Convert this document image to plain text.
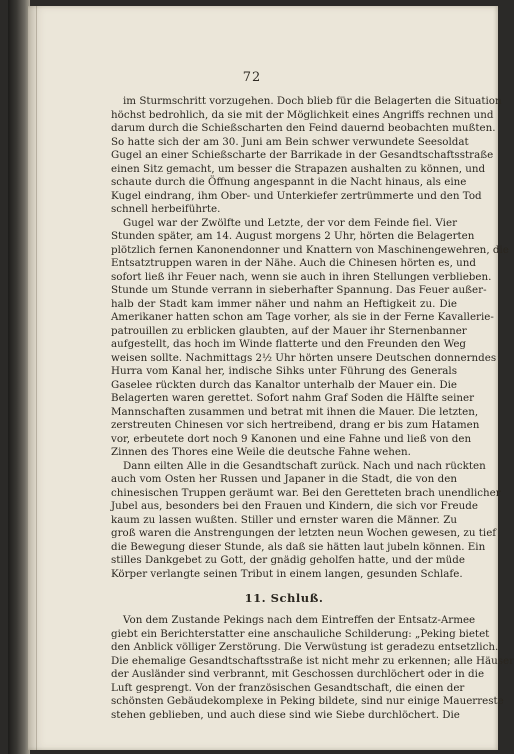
72
im Sturmschritt vorzugehen. Doch blieb für die Belagerten die Situation
höchst bedrohlich, da sie mit der Möglichkeit eines Angriffs rechnen und
darum durch die Schießscharten den Feind dauernd beobachten mußten.
So hatte sich der am 30. Juni am Bein schwer verwundete Seesoldat
Gugel an einer Schießscharte der Barrikade in der Gesandtschaftsstraße
einen Sitz gemacht, um besser die Strapazen aushalten zu können, und
schaute durch die Öffnung angespannt in die Nacht hinaus, als eine
Kugel eindrang, ihm Ober- und Unterkiefer zertrümmerte und den Tod
schnell herbeiführte.
Gugel war der Zwölfte und Letzte, der vor dem Feinde fiel. Vier
Stunden später, am 14. August morgens 2 Uhr, hörten die Belagerten
plötzlich fernen Kanonendonner und Knattern von Maschinengewehren, die
Entsatztruppen waren in der Nähe. Auch die Chinesen hörten es, und
sofort ließ ihr Feuer nach, wenn sie auch in ihren Stellungen verblieben.
Stunde um Stunde verrann in sieberhafter Spannung. Das Feuer außer-
halb der Stadt kam immer näher und nahm an Heftigkeit zu. Die
Amerikaner hatten schon am Tage vorher, als sie in der Ferne Kavallerie-
patrouillen zu erblicken glaubten, auf der Mauer ihr Sternenbanner
aufgestellt, das hoch im Winde flatterte und den Freunden den Weg
weisen sollte. Nachmittags 2½ Uhr hörten unsere Deutschen donnerndes
Hurra vom Kanal her, indische Sihks unter Führung des Generals
Gaselee rückten durch das Kanaltor unterhalb der Mauer ein. Die
Belagerten waren gerettet. Sofort nahm Graf Soden die Hälfte seiner
Mannschaften zusammen und betrat mit ihnen die Mauer. Die letzten,
zerstreuten Chinesen vor sich hertreibend, drang er bis zum Hatamen
vor, erbeutete dort noch 9 Kanonen und eine Fahne und ließ von den
Zinnen des Thores eine Weile die deutsche Fahne wehen.
Dann eilten Alle in die Gesandtschaft zurück. Nach und nach rückten
auch vom Osten her Russen und Japaner in die Stadt, die von den
chinesischen Truppen geräumt war. Bei den Geretteten brach unendlicher
Jubel aus, besonders bei den Frauen und Kindern, die sich vor Freude
kaum zu lassen wußten. Stiller und ernster waren die Männer. Zu
groß waren die Anstrengungen der letzten neun Wochen gewesen, zu tief
die Bewegung dieser Stunde, als daß sie hätten laut jubeln können. Ein
stilles Dankgebet zu Gott, der gnädig geholfen hatte, und der müde
Körper verlangte seinen Tribut in einem langen, gesunden Schlafe.
11. Schluß.
Von dem Zustande Pekings nach dem Eintreffen der Entsatz-Armee
giebt ein Berichterstatter eine anschauliche Schilderung: „Peking bietet
den Anblick völliger Zerstörung. Die Verwüstung ist geradezu entsetzlich.
Die ehemalige Gesandtschaftsstraße ist nicht mehr zu erkennen; alle Häuser
der Ausländer sind verbrannt, mit Geschossen durchlöchert oder in die
Luft gesprengt. Von der französischen Gesandtschaft, die einen der
schönsten Gebäudekomplexe in Peking bildete, sind nur einige Mauerreste
stehen geblieben, und auch diese sind wie Siebe durchlöchert. Die
